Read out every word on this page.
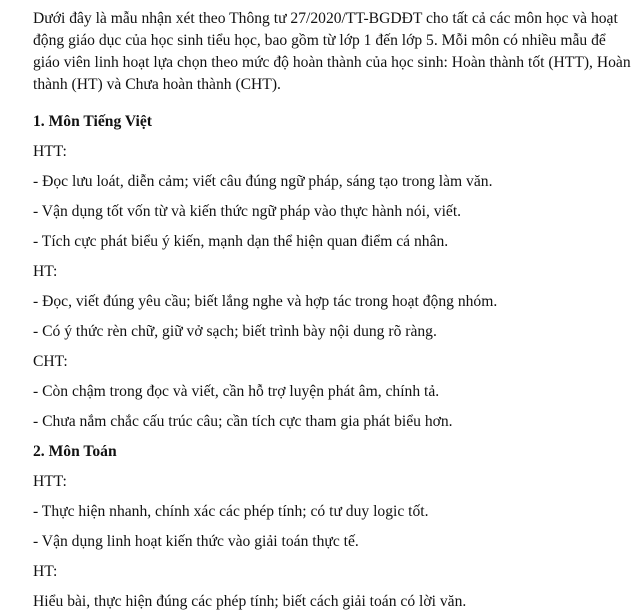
Dưới đây là mẫu nhận xét theo Thông tư 27/2020/TT-BGDĐT cho tất cả các môn học và hoạt động giáo dục của học sinh tiểu học, bao gồm từ lớp 1 đến lớp 5. Mỗi môn có nhiều mẫu để giáo viên linh hoạt lựa chọn theo mức độ hoàn thành của học sinh: Hoàn thành tốt (HTT), Hoàn thành (HT) và Chưa hoàn thành (CHT).
1. Môn Tiếng Việt
HTT:
- Đọc lưu loát, diễn cảm; viết câu đúng ngữ pháp, sáng tạo trong làm văn.
- Vận dụng tốt vốn từ và kiến thức ngữ pháp vào thực hành nói, viết.
- Tích cực phát biểu ý kiến, mạnh dạn thể hiện quan điểm cá nhân.
HT:
- Đọc, viết đúng yêu cầu; biết lắng nghe và hợp tác trong hoạt động nhóm.
- Có ý thức rèn chữ, giữ vở sạch; biết trình bày nội dung rõ ràng.
CHT:
- Còn chậm trong đọc và viết, cần hỗ trợ luyện phát âm, chính tả.
- Chưa nắm chắc cấu trúc câu; cần tích cực tham gia phát biểu hơn.
2. Môn Toán
HTT:
- Thực hiện nhanh, chính xác các phép tính; có tư duy logic tốt.
- Vận dụng linh hoạt kiến thức vào giải toán thực tế.
HT:
Hiểu bài, thực hiện đúng các phép tính; biết cách giải toán có lời văn.
